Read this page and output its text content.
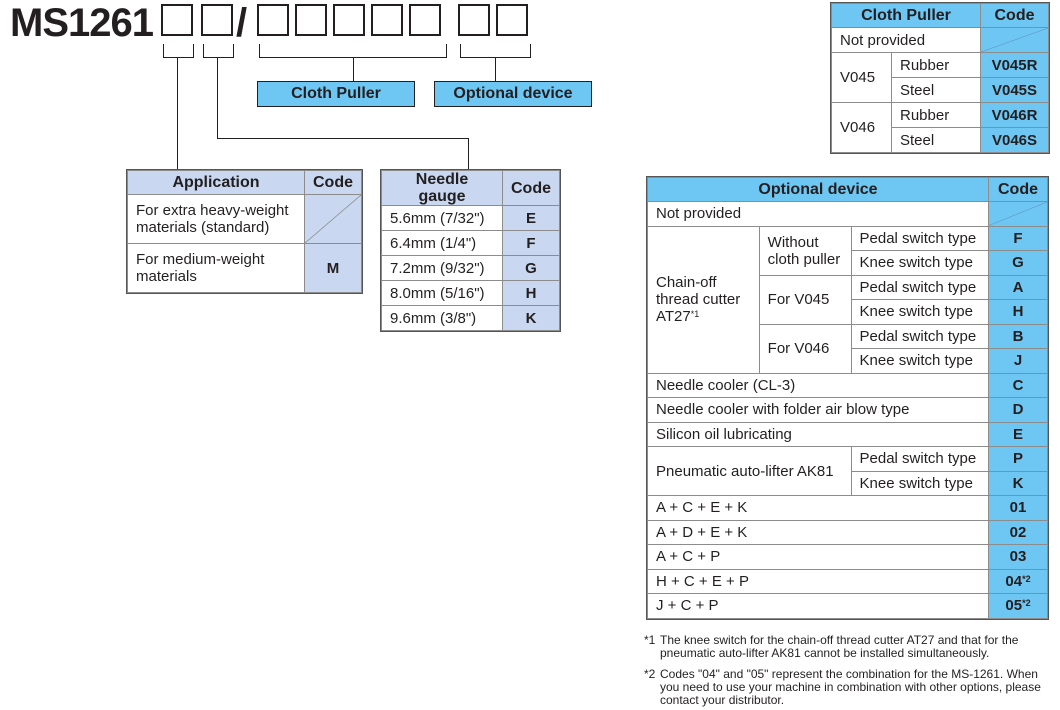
MS1261 /
Cloth Puller	Optional device
Application	Code
For extra heavy-weight materials (standard)	

For medium-weight materials	M
Needle gauge	Code
5.6mm (7/32")	E
6.4mm (1/4")	F
7.2mm (9/32")	G
8.0mm (5/16")	H
9.6mm (3/8")	K
Cloth Puller		Code
Not provided	

V045	Rubber	V045R
	Steel	V045S
V046	Rubber	V046R
	Steel	V046S
Optional device			Code
Not provided	

Chain-off thread cutter AT27$^{*1}$	Without cloth puller	Pedal switch type	F
		Knee switch type	G
	For V045	Pedal switch type	A
		Knee switch type	H
	For V046	Pedal switch type	B
		Knee switch type	J
Needle cooler (CL-3)			C
Needle cooler with folder air blow type			D
Silicon oil lubricating			E
Pneumatic auto-lifter AK81		Pedal switch type	P
		Knee switch type	K
A + C + E + K			01
A + D + E + K			02
A + C + P			03
H + C + E + P			04$^{*2}$
J + C + P			05$^{*2}$
*1 The knee switch for the chain-off thread cutter AT27 and that for the pneumatic auto-lifter AK81 cannot be installed simultaneously.
*2 Codes "04" and "05" represent the combination for the MS-1261. When you need to use your machine in combination with other options, please contact your distributor.
